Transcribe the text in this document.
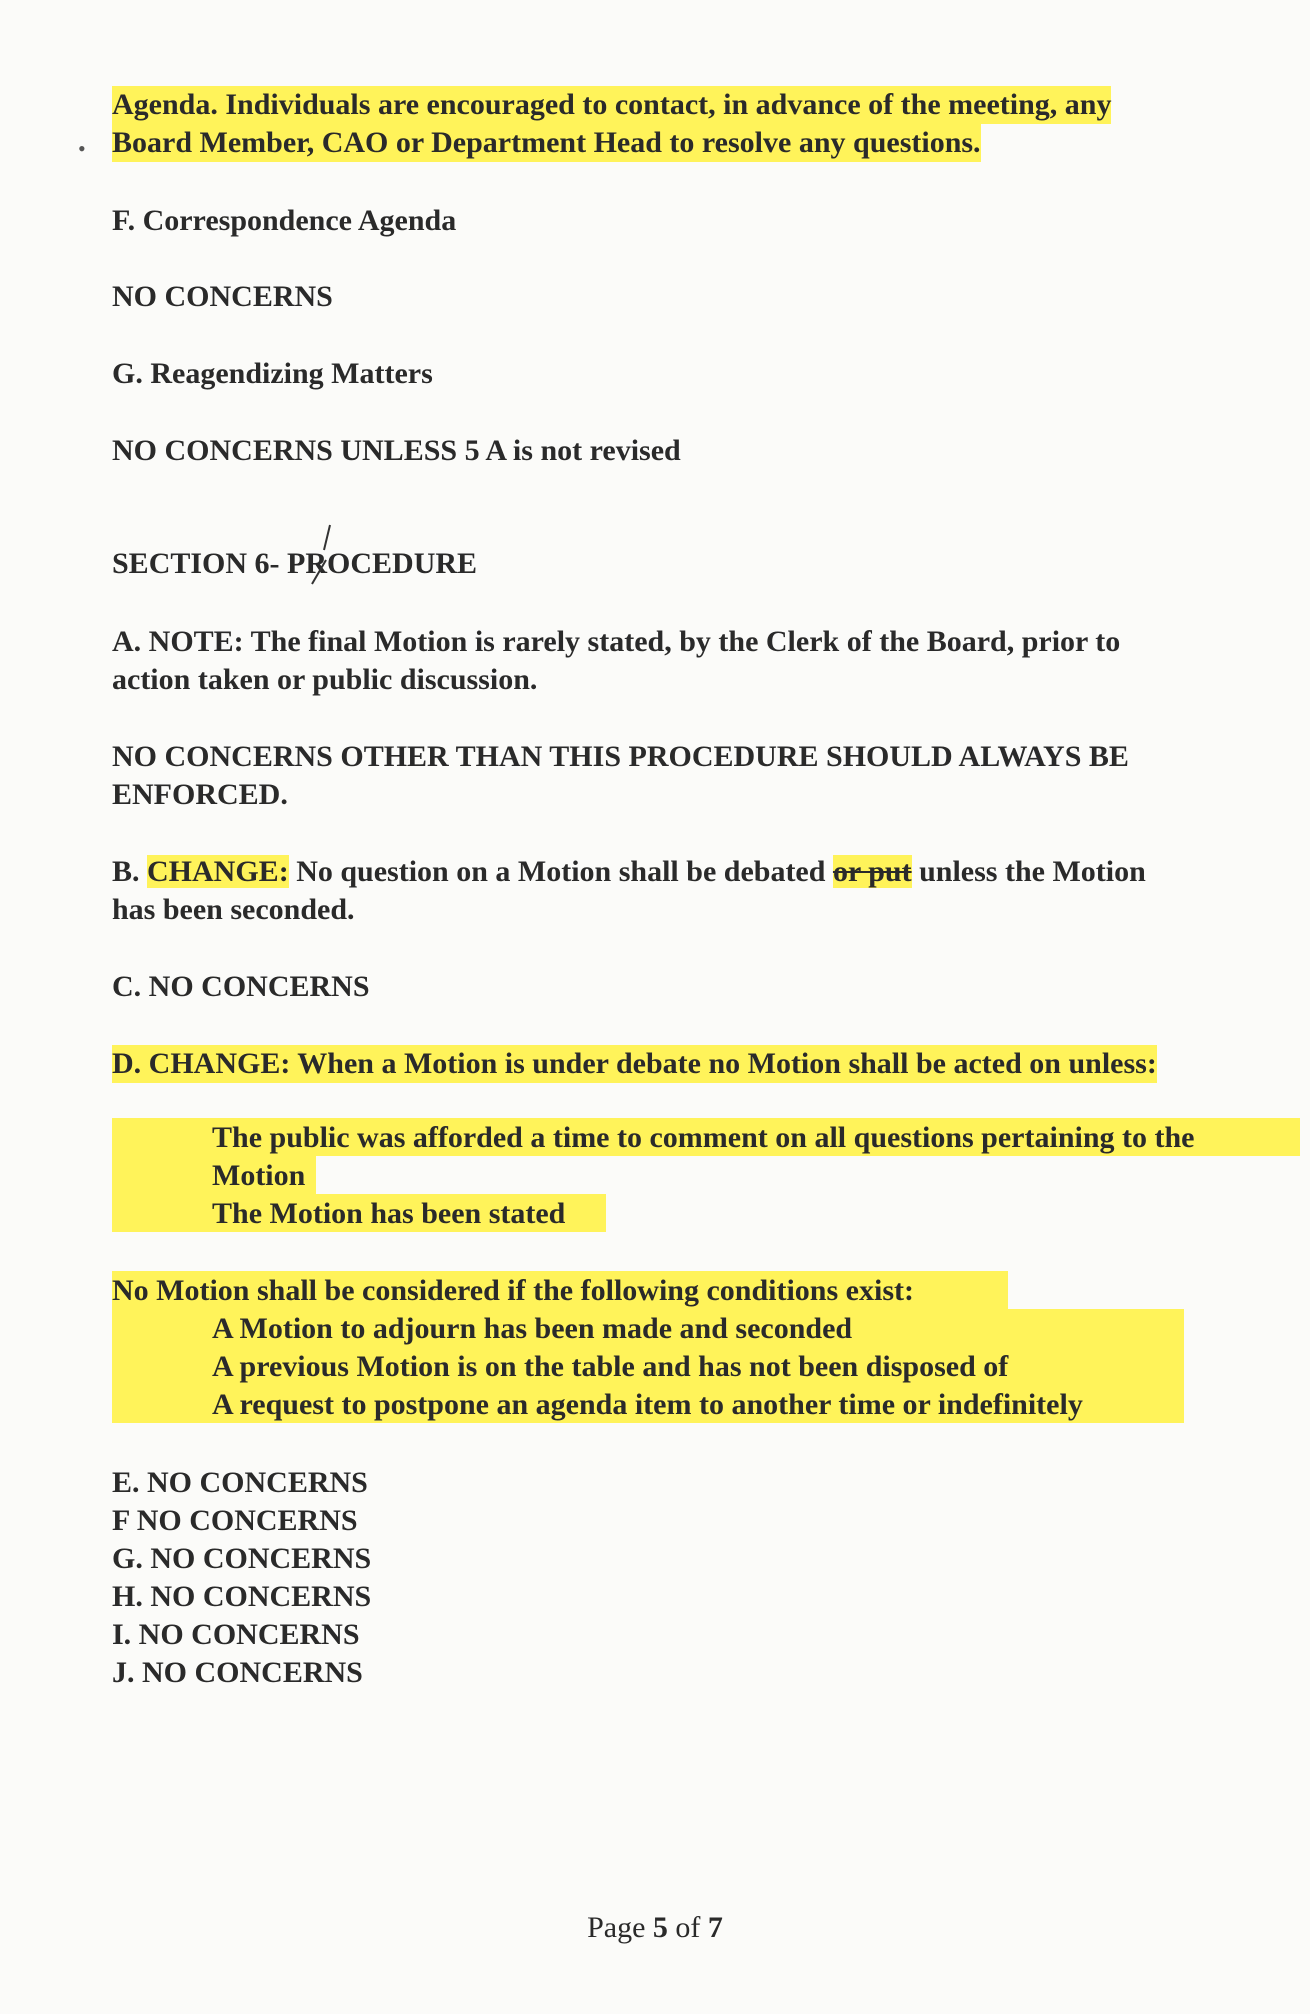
Agenda. Individuals are encouraged to contact, in advance of the meeting, any
Board Member, CAO or Department Head to resolve any questions.
F. Correspondence Agenda
NO CONCERNS
G. Reagendizing Matters
NO CONCERNS UNLESS 5 A is not revised
SECTION 6- PROCEDURE
A. NOTE: The final Motion is rarely stated, by the Clerk of the Board, prior to
action taken or public discussion.
NO CONCERNS OTHER THAN THIS PROCEDURE SHOULD ALWAYS BE
ENFORCED.
B. CHANGE: No question on a Motion shall be debated or put unless the Motion
has been seconded.
C. NO CONCERNS
D. CHANGE: When a Motion is under debate no Motion shall be acted on unless:
The public was afforded a time to comment on all questions pertaining to the
Motion
The Motion has been stated
No Motion shall be considered if the following conditions exist:
A Motion to adjourn has been made and seconded
A previous Motion is on the table and has not been disposed of
A request to postpone an agenda item to another time or indefinitely
E. NO CONCERNS
F NO CONCERNS
G. NO CONCERNS
H. NO CONCERNS
I. NO CONCERNS
J. NO CONCERNS
Page 5 of 7
•
